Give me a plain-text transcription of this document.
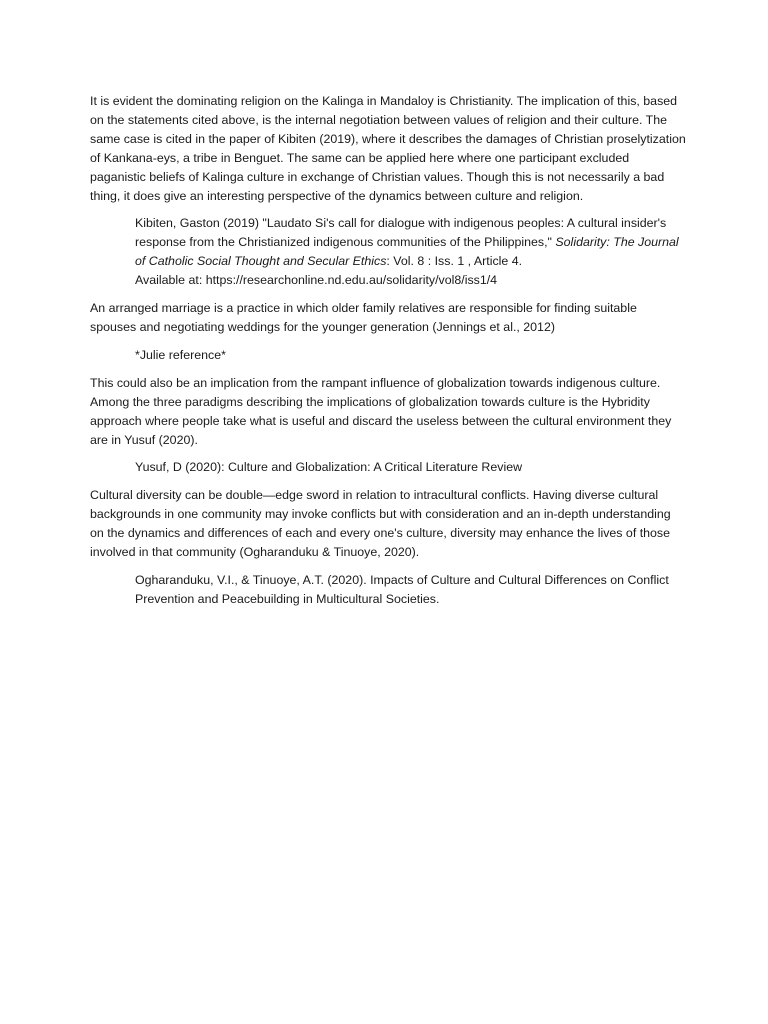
It is evident the dominating religion on the Kalinga in Mandaloy is Christianity. The implication of this, based on the statements cited above, is the internal negotiation between values of religion and their culture. The same case is cited in the paper of Kibiten (2019), where it describes the damages of Christian proselytization of Kankana-eys, a tribe in Benguet. The same can be applied here where one participant excluded paganistic beliefs of Kalinga culture in exchange of Christian values. Though this is not necessarily a bad thing, it does give an interesting perspective of the dynamics between culture and religion.

Kibiten, Gaston (2019) "Laudato Si's call for dialogue with indigenous peoples: A cultural insider's response from the Christianized indigenous communities of the Philippines," Solidarity: The Journal of Catholic Social Thought and Secular Ethics: Vol. 8 : Iss. 1 , Article 4.
Available at: https://researchonline.nd.edu.au/solidarity/vol8/iss1/4

An arranged marriage is a practice in which older family relatives are responsible for finding suitable spouses and negotiating weddings for the younger generation (Jennings et al., 2012)

*Julie reference*

This could also be an implication from the rampant influence of globalization towards indigenous culture. Among the three paradigms describing the implications of globalization towards culture is the Hybridity approach where people take what is useful and discard the useless between the cultural environment they are in Yusuf (2020).

Yusuf, D (2020): Culture and Globalization: A Critical Literature Review

Cultural diversity can be double—edge sword in relation to intracultural conflicts. Having diverse cultural backgrounds in one community may invoke conflicts but with consideration and an in-depth understanding on the dynamics and differences of each and every one's culture, diversity may enhance the lives of those involved in that community (Ogharanduku & Tinuoye, 2020).

Ogharanduku, V.I., & Tinuoye, A.T. (2020). Impacts of Culture and Cultural Differences on Conflict Prevention and Peacebuilding in Multicultural Societies.
